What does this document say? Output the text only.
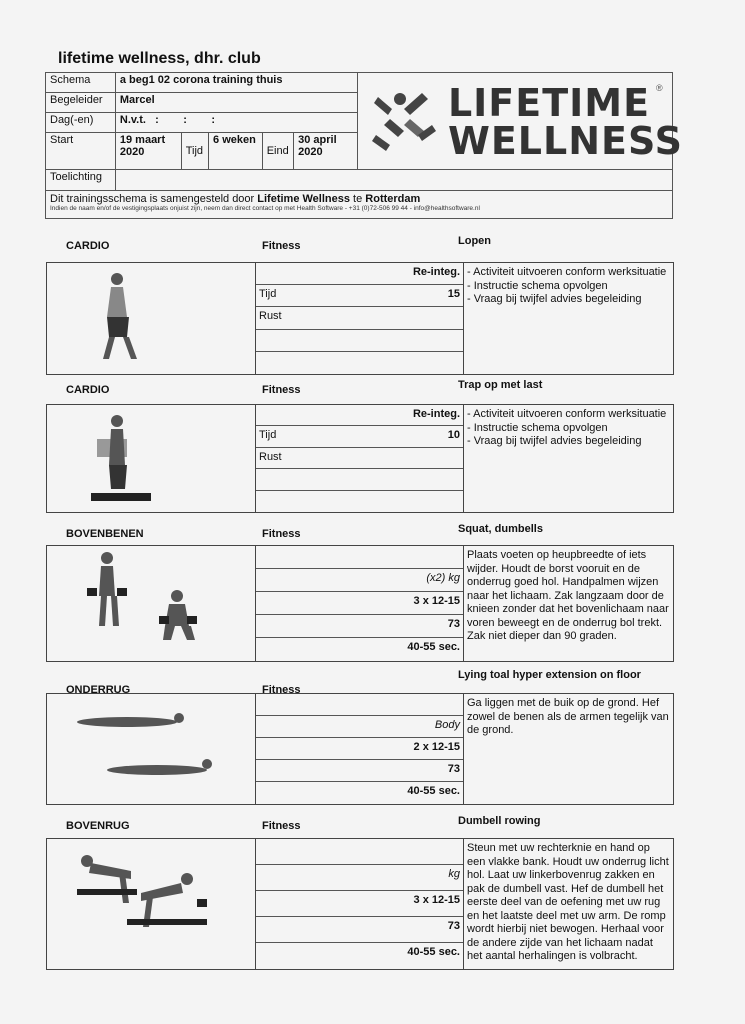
lifetime wellness, dhr. club
Schema	a beg1 02 corona training thuis					LIFETIME ®
WELLNESS

Begeleider	Marcel					
Dag(-en)	N.v.t.   :        :        :					
Start	19 maart 2020	Tijd	6 weken	Eind	30 april 2020	
Toelichting						

Dit trainingsschema is samengesteld door Lifetime Wellness te Rotterdam
Indien de naam en/of de vestigingsplaats onjuist zijn, neem dan direct contact op met Health Software - +31 (0)72-506 99 44 - info@healthsoftware.nl						
CARDIO	Fitness	Lopen
Re-integ.
Tijd	15
Rust
- Activiteit uitvoeren conform werksituatie
- Instructie schema opvolgen
- Vraag bij twijfel advies begeleiding
CARDIO	Fitness	Trap op met last
Re-integ.
Tijd	10
Rust
- Activiteit uitvoeren conform werksituatie
- Instructie schema opvolgen
- Vraag bij twijfel advies begeleiding
BOVENBENEN	Fitness	Squat, dumbells
(x2) kg
3 x 12-15
73
40-55 sec.
Plaats voeten op heupbreedte of iets wijder. Houdt de borst vooruit en de onderrug goed hol. Handpalmen wijzen naar het lichaam. Zak langzaam door de knieen zonder dat het bovenlichaam naar voren beweegt en de onderrug bol trekt. Zak niet dieper dan 90 graden.
ONDERRUG	Fitness
Lying toal hyper extension on floor
Body
2 x 12-15
73
40-55 sec.
Ga liggen met de buik op de grond. Hef zowel de benen als de armen tegelijk van de grond.
BOVENRUG	Fitness	Dumbell rowing
kg
3 x 12-15
73
40-55 sec.
Steun met uw rechterknie en hand op een vlakke bank. Houdt uw onderrug licht hol. Laat uw linkerbovenrug zakken en pak de dumbell vast. Hef de dumbell het eerste deel van de oefening met uw rug en het laatste deel met uw arm. De romp wordt hierbij niet bewogen. Herhaal voor de andere zijde van het lichaam nadat het aantal herhalingen is volbracht.
